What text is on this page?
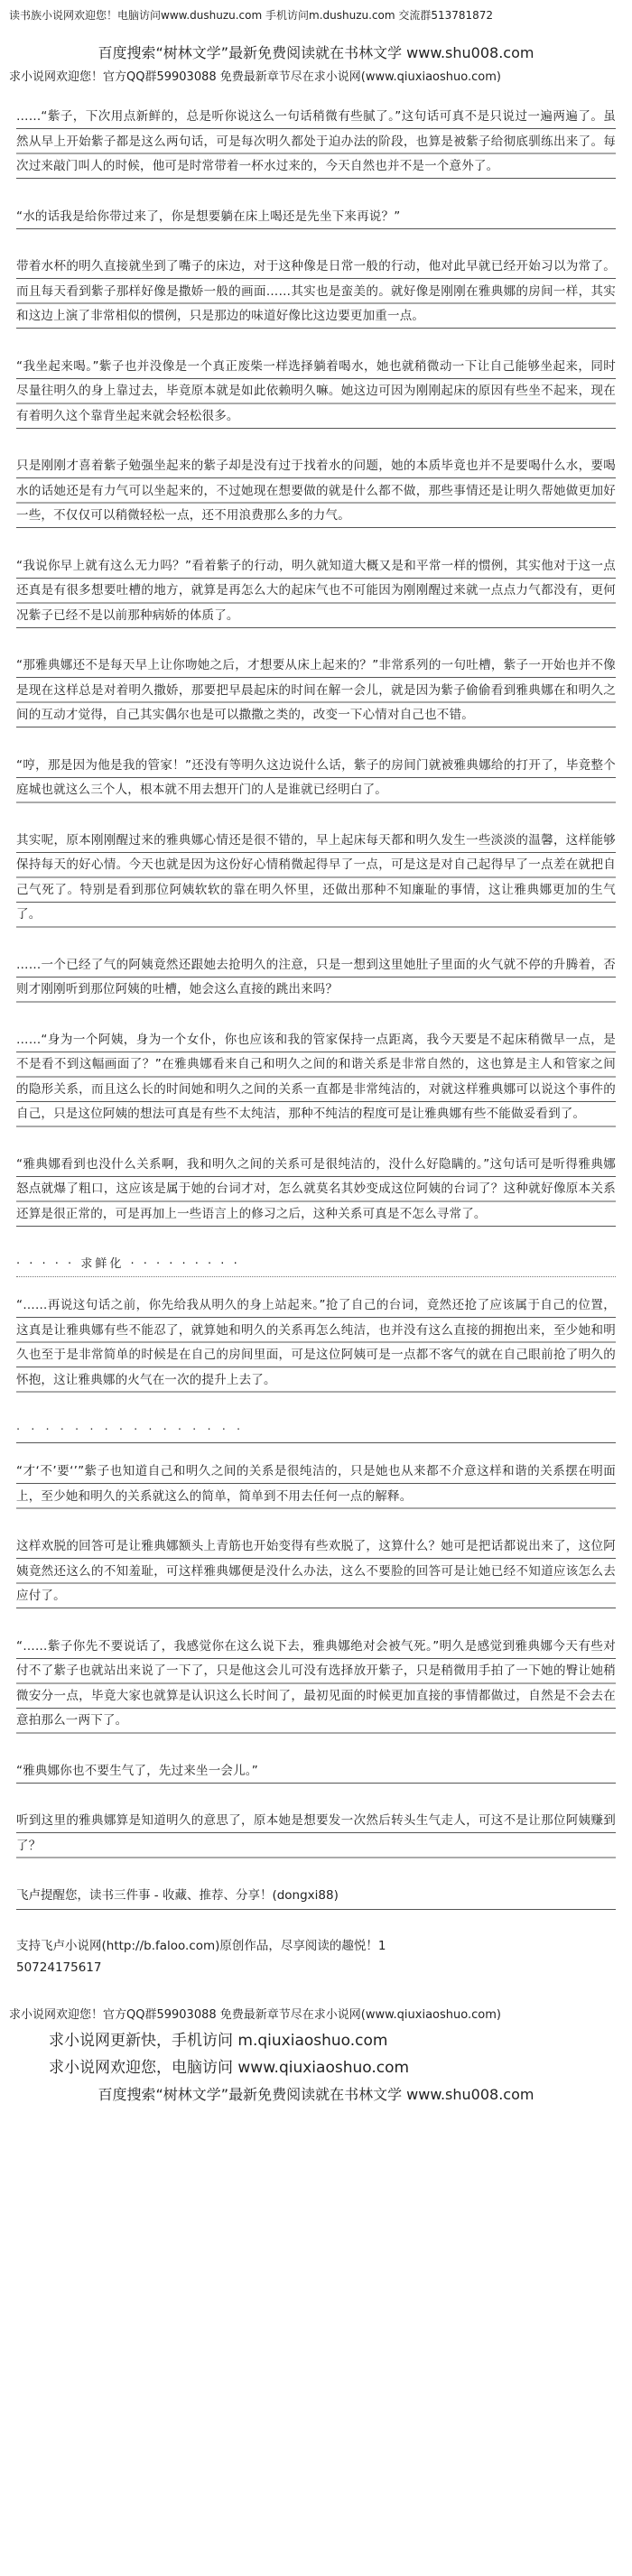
读书族小说网欢迎您！电脑访问www.dushuzu.com 手机访问m.dushuzu.com 交流群513781872
百度搜索“树林文学”最新免费阅读就在书林文学 www.shu008.com
求小说网欢迎您！官方QQ群59903088 免费最新章节尽在求小说网(www.qiuxiaoshuo.com)
……“紫子，下次用点新鲜的，总是听你说这么一句话稍微有些腻了。”这句话可真不是只说过一遍两遍了。虽然从早上开始紫子都是这么两句话，可是每次明久都处于迫办法的阶段，也算是被紫子给彻底驯练出来了。每次过来敲门叫人的时候，他可是时常带着一杯水过来的，今天自然也并不是一个意外了。
“水的话我是给你带过来了，你是想要躺在床上喝还是先坐下来再说？”
带着水杯的明久直接就坐到了嘴子的床边，对于这种像是日常一般的行动，他对此早就已经开始习以为常了。而且每天看到紫子那样好像是撒娇一般的画面……其实也是蛮美的。就好像是刚刚在雅典娜的房间一样，其实和这边上演了非常相似的惯例，只是那边的味道好像比这边要更加重一点。
“我坐起来喝。”紫子也并没像是一个真正废柴一样选择躺着喝水，她也就稍微动一下让自己能够坐起来，同时尽量往明久的身上靠过去，毕竟原本就是如此依赖明久嘛。她这边可因为刚刚起床的原因有些坐不起来，现在有着明久这个靠背坐起来就会轻松很多。
只是刚刚才喜着紫子勉强坐起来的紫子却是没有过于找着水的问题，她的本质毕竟也并不是要喝什么水，要喝水的话她还是有力气可以坐起来的，不过她现在想要做的就是什么都不做，那些事情还是让明久帮她做更加好一些，不仅仅可以稍微轻松一点，还不用浪费那么多的力气。
“我说你早上就有这么无力吗？”看着紫子的行动，明久就知道大概又是和平常一样的惯例，其实他对于这一点还真是有很多想要吐槽的地方，就算是再怎么大的起床气也不可能因为刚刚醒过来就一点点力气都没有，更何况紫子已经不是以前那种病娇的体质了。
“那雅典娜还不是每天早上让你吻她之后，才想要从床上起来的？”非常系列的一句吐槽，紫子一开始也并不像是现在这样总是对着明久撒娇，那要把早晨起床的时间在解一会儿，就是因为紫子偷偷看到雅典娜在和明久之间的互动才觉得，自己其实偶尔也是可以撒撒之类的，改变一下心情对自己也不错。
“哼，那是因为他是我的管家！”还没有等明久这边说什么话，紫子的房间门就被雅典娜给的打开了，毕竟整个庭城也就这么三个人，根本就不用去想开门的人是谁就已经明白了。
其实呢，原本刚刚醒过来的雅典娜心情还是很不错的，早上起床每天都和明久发生一些淡淡的温馨，这样能够保持每天的好心情。今天也就是因为这份好心情稍微起得早了一点，可是这是对自己起得早了一点差在就把自己气死了。特别是看到那位阿姨软软的靠在明久怀里，还做出那种不知廉耻的事情，这让雅典娜更加的生气了。
……一个已经了气的阿姨竟然还跟她去抢明久的注意，只是一想到这里她肚子里面的火气就不停的升腾着，否则才刚刚听到那位阿姨的吐槽，她会这么直接的跳出来吗？
……“身为一个阿姨，身为一个女仆，你也应该和我的管家保持一点距离，我今天要是不起床稍微早一点，是不是看不到这幅画面了？”在雅典娜看来自己和明久之间的和谐关系是非常自然的，这也算是主人和管家之间的隐形关系，而且这么长的时间她和明久之间的关系一直都是非常纯洁的，对就这样雅典娜可以说这个事件的自己，只是这位阿姨的想法可真是有些不太纯洁，那种不纯洁的程度可是让雅典娜有些不能做妥看到了。
“雅典娜看到也没什么关系啊，我和明久之间的关系可是很纯洁的，没什么好隐瞒的。”这句话可是听得雅典娜怒点就爆了粗口，这应该是属于她的台词才对，怎么就莫名其妙变成这位阿姨的台词了？这种就好像原本关系还算是很正常的，可是再加上一些语言上的修习之后，这种关系可真是不怎么寻常了。
· · · · · 求鲜化 · · · · · · · · ·
“……再说这句话之前，你先给我从明久的身上站起来。”抢了自己的台词，竟然还抢了应该属于自己的位置，这真是让雅典娜有些不能忍了，就算她和明久的关系再怎么纯洁，也并没有这么直接的拥抱出来，至少她和明久也至于是非常简单的时候是在自己的房间里面，可是这位阿姨可是一点都不客气的就在自己眼前抢了明久的怀抱，这让雅典娜的火气在一次的提升上去了。
· · · · · · · · · · · · · · · ·
“才‘不’要‘’”紫子也知道自己和明久之间的关系是很纯洁的，只是她也从来都不介意这样和谐的关系摆在明面上，至少她和明久的关系就这么的简单，简单到不用去任何一点的解释。
这样欢脱的回答可是让雅典娜额头上青筋也开始变得有些欢脱了，这算什么？她可是把话都说出来了，这位阿姨竟然还这么的不知羞耻，可这样雅典娜便是没什么办法，这么不要脸的回答可是让她已经不知道应该怎么去应付了。
“……紫子你先不要说话了，我感觉你在这么说下去，雅典娜绝对会被气死。”明久是感觉到雅典娜今天有些对付不了紫子也就站出来说了一下了，只是他这会儿可没有选择放开紫子，只是稍微用手拍了一下她的臀让她稍微安分一点，毕竟大家也就算是认识这么长时间了，最初见面的时候更加直接的事情都做过，自然是不会去在意拍那么一两下了。
“雅典娜你也不要生气了，先过来坐一会儿。”
听到这里的雅典娜算是知道明久的意思了，原本她是想要发一次然后转头生气走人，可这不是让那位阿姨赚到了？
飞卢提醒您，读书三件事 - 收藏、推荐、分享！(dongxi88)
支持飞卢小说网(http://b.faloo.com)原创作品，尽享阅读的趣悦！1
50724175617
求小说网欢迎您！官方QQ群59903088 免费最新章节尽在求小说网(www.qiuxiaoshuo.com)
求小说网更新快，手机访问 m.qiuxiaoshuo.com
求小说网欢迎您，电脑访问 www.qiuxiaoshuo.com
百度搜索“树林文学”最新免费阅读就在书林文学 www.shu008.com
